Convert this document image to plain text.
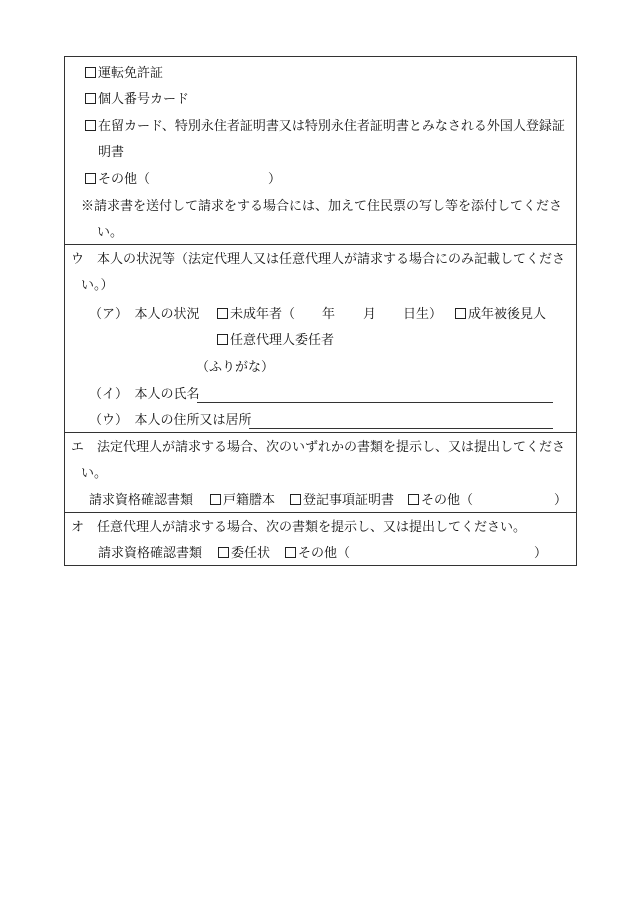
運転免許証
個人番号カード
在留カード、特別永住者証明書又は特別永住者証明書とみなされる外国人登録証
明書
その他（	）
※請求書を送付して請求をする場合には、加えて住民票の写し等を添付してくださ
い。
ウ　本人の状況等（法定代理人又は任意代理人が請求する場合にのみ記載してくださ
い。）
（ア）　本人の状況	未成年者（ 年 月 日生）	成年被後見人
任意代理人委任者
（ふりがな）
（イ）　本人の氏名
（ウ）　本人の住所又は居所
エ　法定代理人が請求する場合、次のいずれかの書類を提示し、又は提出してくださ
い。
請求資格確認書類	戸籍謄本	登記事項証明書	その他（	）
オ　任意代理人が請求する場合、次の書類を提示し、又は提出してください。
請求資格確認書類	委任状	その他（	）
